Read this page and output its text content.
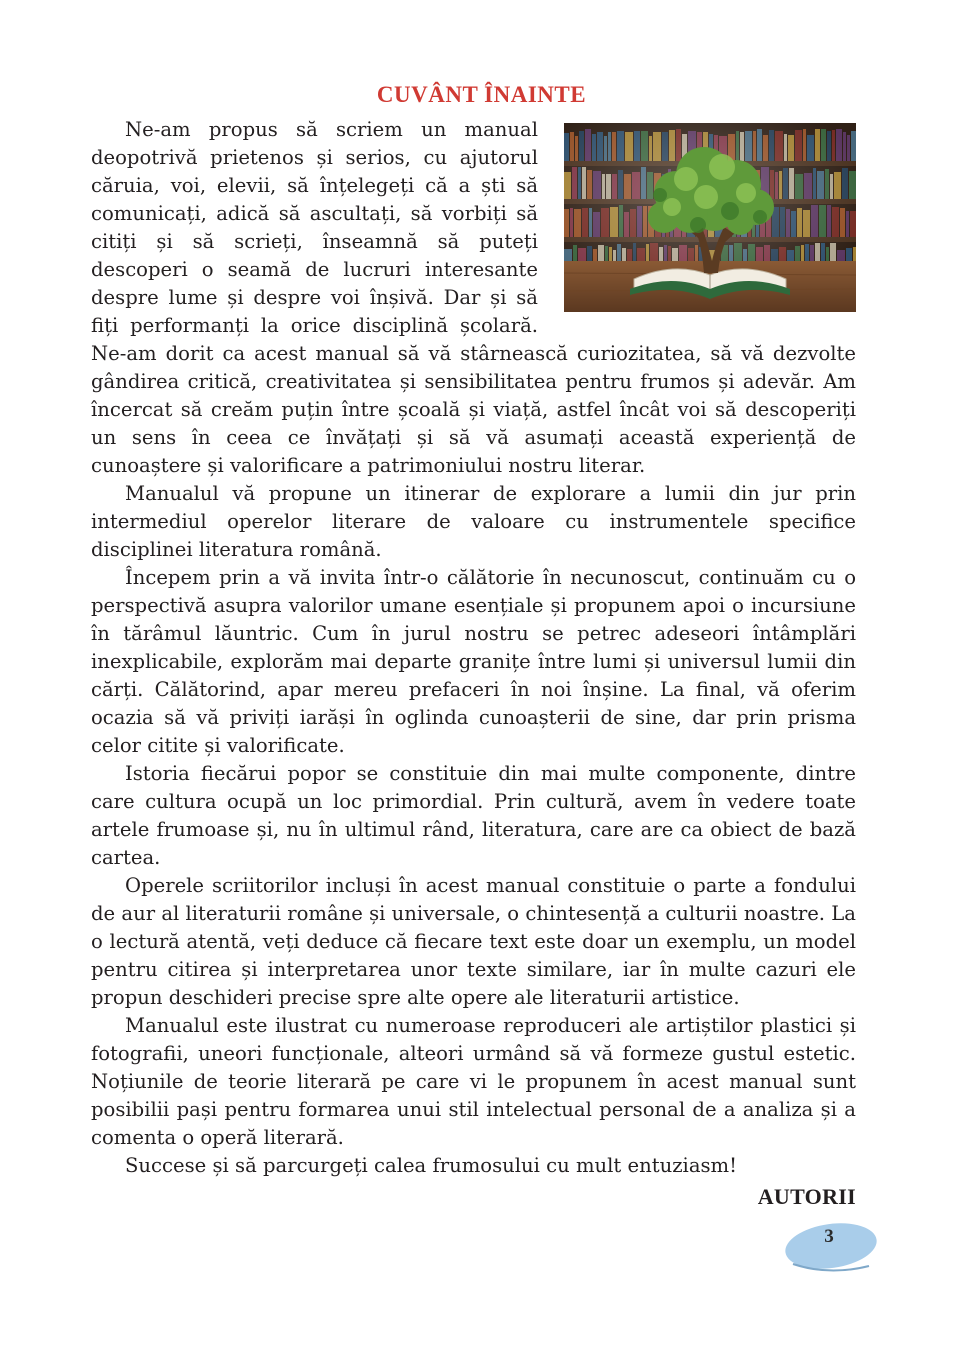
CUVÂNT ÎNAINTE

Ne-am propus să scriem un manual deopotrivă prietenos și serios, cu ajutorul căruia, voi, elevii, să înțelegeți că a ști să comunicați, adică să ascultați, să vorbiți să citiți și să scrieți, înseamnă să puteți descoperi o seamă de lucruri interesante despre lume și despre voi înșivă. Dar și să fiți performanți la orice disciplină școlară. Ne-am dorit ca acest manual să vă stârnească curiozitatea, să vă dezvolte gândirea critică, creativitatea și sensibilitatea pentru frumos și adevăr. Am încercat să creăm puțin între școală și viață, astfel încât voi să descoperiți un sens în ceea ce învățați și să vă asumați această experiență de cunoaștere și valorificare a patrimoniului nostru literar.

Manualul vă propune un itinerar de explorare a lumii din jur prin intermediul operelor literare de valoare cu instrumentele specifice disciplinei literatura română.

Începem prin a vă invita într-o călătorie în necunoscut, continuăm cu o perspectivă asupra valorilor umane esențiale și propunem apoi o incursiune în tărâmul lăuntric. Cum în jurul nostru se petrec adeseori întâmplări inexplicabile, explorăm mai departe granițe între lumi și universul lumii din cărți. Călătorind, apar mereu prefaceri în noi înșine. La final, vă oferim ocazia să vă priviți iarăși în oglinda cunoașterii de sine, dar prin prisma celor citite și valorificate.

Istoria fiecărui popor se constituie din mai multe componente, dintre care cultura ocupă un loc primordial. Prin cultură, avem în vedere toate artele frumoase și, nu în ultimul rând, literatura, care are ca obiect de bază cartea.

Operele scriitorilor incluși în acest manual constituie o parte a fondului de aur al literaturii române și universale, o chintesență a culturii noastre. La o lectură atentă, veți deduce că fiecare text este doar un exemplu, un model pentru citirea și interpretarea unor texte similare, iar în multe cazuri ele propun deschideri precise spre alte opere ale literaturii artistice.

Manualul este ilustrat cu numeroase reproduceri ale artiștilor plastici și fotografii, uneori funcționale, alteori urmând să vă formeze gustul estetic. Noțiunile de teorie literară pe care vi le propunem în acest manual sunt posibilii pași pentru formarea unui stil intelectual personal de a analiza și a comenta o operă literară.

Succese și să parcurgeți calea frumosului cu mult entuziasm!

AUTORII
3
